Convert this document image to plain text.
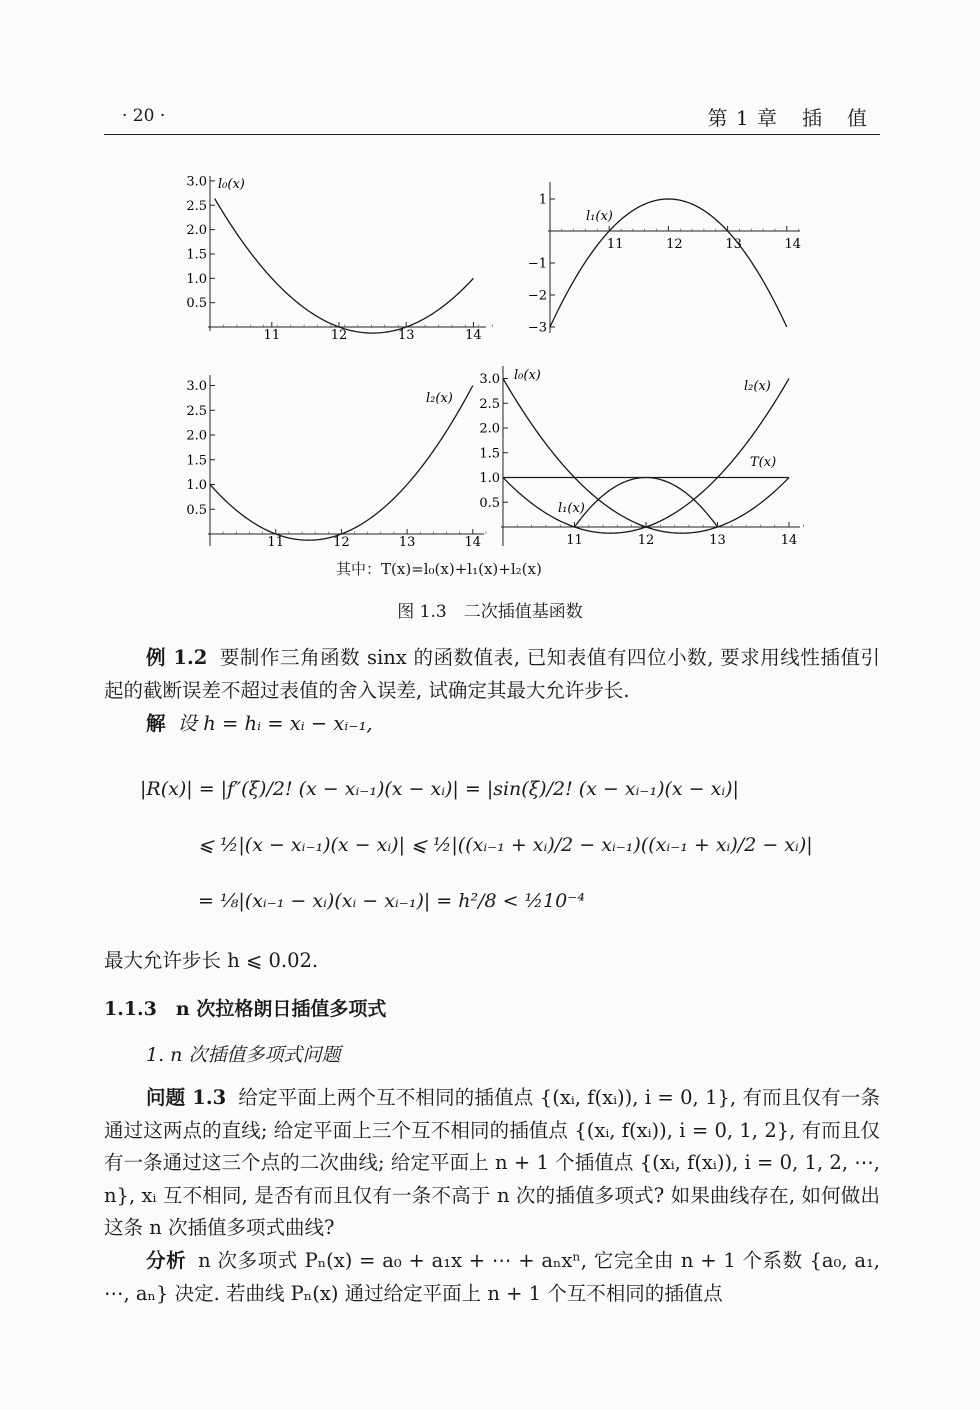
· 20 ·	第 1 章 插 值
11	12	13	14
3.0
2.5
2.0
1.5
1.0
0.5
l₀(x)
11	12	13	14
1
−1
−2
−3
l₁(x)
11	12	13	14
3.0
2.5
2.0
1.5
1.0
0.5
l₂(x)
11	12	13	14
3.0
2.5
2.0
1.5
1.0
0.5
l₀(x)
l₂(x)
T(x)
l₁(x)
其中：T(x)=l₀(x)+l₁(x)+l₂(x)
图 1.3　二次插值基函数
例 1.2 要制作三角函数 sinx 的函数值表, 已知表值有四位小数, 要求用线性插值引起的截断误差不超过表值的舍入误差, 试确定其最大允许步长.
解 设 h = hᵢ = xᵢ − xᵢ₋₁,
|R(x)| = |f″(ξ)/2! (x − xᵢ₋₁)(x − xᵢ)| = |sin(ξ)/2! (x − xᵢ₋₁)(x − xᵢ)|
⩽ ½|(x − xᵢ₋₁)(x − xᵢ)| ⩽ ½|((xᵢ₋₁ + xᵢ)/2 − xᵢ₋₁)((xᵢ₋₁ + xᵢ)/2 − xᵢ)|
= ⅛|(xᵢ₋₁ − xᵢ)(xᵢ − xᵢ₋₁)| = h²/8 < ½10⁻⁴
最大允许步长 h ⩽ 0.02.
1.1.3　n 次拉格朗日插值多项式
1. n 次插值多项式问题
问题 1.3 给定平面上两个互不相同的插值点 {(xᵢ, f(xᵢ)), i = 0, 1}, 有而且仅有一条通过这两点的直线; 给定平面上三个互不相同的插值点 {(xᵢ, f(xᵢ)), i = 0, 1, 2}, 有而且仅有一条通过这三个点的二次曲线; 给定平面上 n + 1 个插值点 {(xᵢ, f(xᵢ)), i = 0, 1, 2, ⋯, n}, xᵢ 互不相同, 是否有而且仅有一条不高于 n 次的插值多项式? 如果曲线存在, 如何做出这条 n 次插值多项式曲线?
分析 n 次多项式 Pₙ(x) = a₀ + a₁x + ⋯ + aₙxⁿ, 它完全由 n + 1 个系数 {a₀, a₁, ⋯, aₙ} 决定. 若曲线 Pₙ(x) 通过给定平面上 n + 1 个互不相同的插值点
